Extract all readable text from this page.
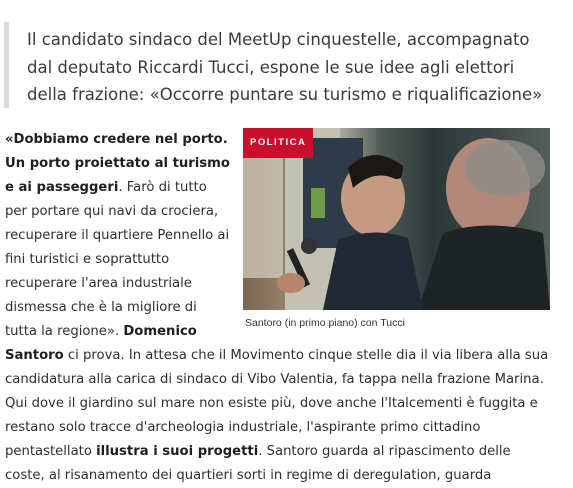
Il candidato sindaco del MeetUp cinquestelle, accompagnato dal deputato Riccardi Tucci, espone le sue idee agli elettori della frazione: «Occorre puntare su turismo e riqualificazione»
POLITICA
Santoro (in primo piano) con Tucci

«Dobbiamo credere nel porto. Un porto proiettato al turismo e ai passeggeri. Farò di tutto per portare qui navi da crociera, recuperare il quartiere Pennello ai fini turistici e soprattutto recuperare l'area industriale dismessa che è la migliore di tutta la regione». Domenico Santoro ci prova. In attesa che il Movimento cinque stelle dia il via libera alla sua candidatura alla carica di sindaco di Vibo Valentia, fa tappa nella frazione Marina. Qui dove il giardino sul mare non esiste più, dove anche l'Italcementi è fuggita e restano solo tracce d'archeologia industriale, l'aspirante primo cittadino pentastellato illustra i suoi progetti. Santoro guarda al ripascimento delle coste, al risanamento dei quartieri sorti in regime di deregulation, guarda
